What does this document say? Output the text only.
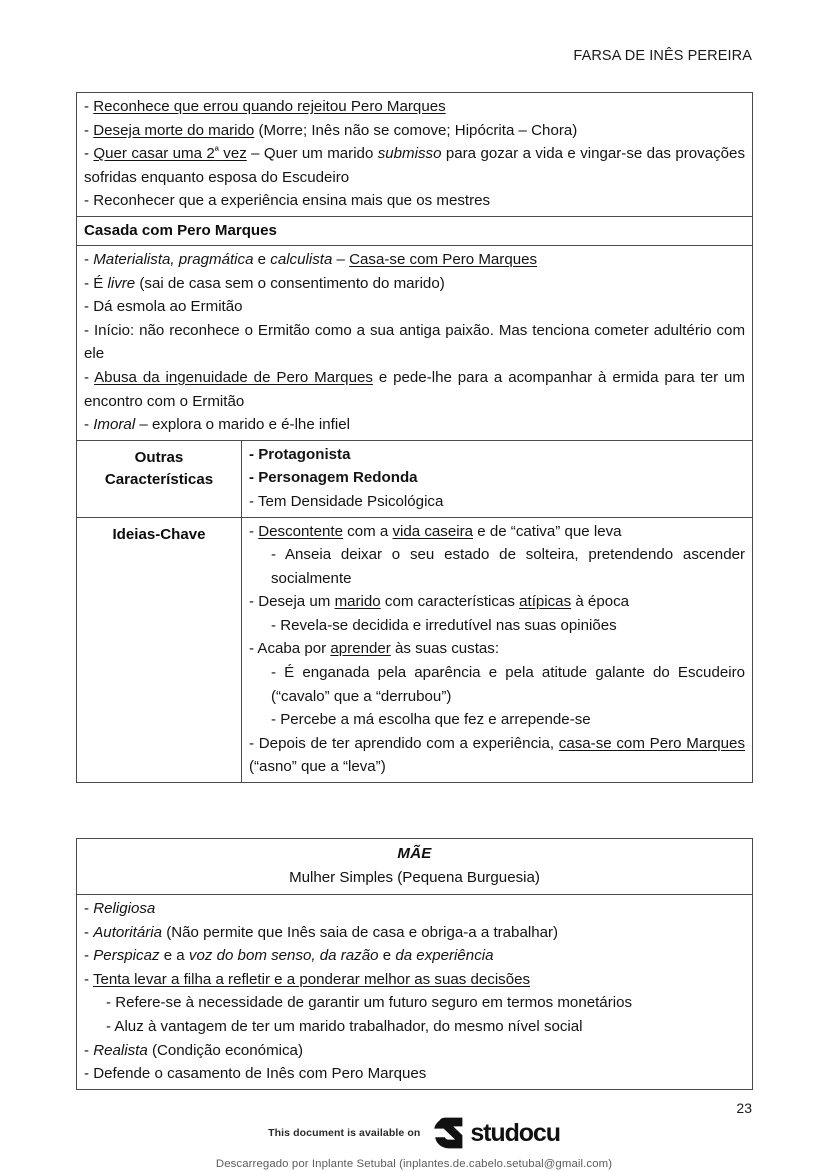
FARSA DE INÊS PEREIRA
- Reconhece que errou quando rejeitou Pero Marques
- Deseja morte do marido (Morre; Inês não se comove; Hipócrita – Chora)
- Quer casar uma $2^ª$ vez – Quer um marido submisso para gozar a vida e vingar-se das provações sofridas enquanto esposa do Escudeiro
- Reconhecer que a experiência ensina mais que os mestres	

Casada com Pero Marques	

- Materialista, pragmática e calculista – Casa-se com Pero Marques
- É livre (sai de casa sem o consentimento do marido)
- Dá esmola ao Ermitão
- Início: não reconhece o Ermitão como a sua antiga paixão. Mas tenciona cometer adultério com ele
- Abusa da ingenuidade de Pero Marques e pede-lhe para a acompanhar à ermida para ter um encontro com o Ermitão
- Imoral – explora o marido e é-lhe infiel

Outras
Características	- Protagonista
- Personagem Redonda
- Tem Densidade Psicológica

Ideias-Chave	- Descontente com a vida caseira e de “cativa” que leva
- Anseia deixar o seu estado de solteira, pretendendo ascender socialmente
- Deseja um marido com características atípicas à época
- Revela-se decidida e irredutível nas suas opiniões
- Acaba por aprender às suas custas:
- É enganada pela aparência e pela atitude galante do Escudeiro (“cavalo” que a “derrubou”)
- Percebe a má escolha que fez e arrepende-se
- Depois de ter aprendido com a experiência, casa-se com Pero Marques (“asno” que a “leva”)
MÃE
Mulher Simples (Pequena Burguesia)

- Religiosa
- Autoritária (Não permite que Inês saia de casa e obriga-a a trabalhar)
- Perspicaz e a voz do bom senso, da razão e da experiência
- Tenta levar a filha a refletir e a ponderar melhor as suas decisões
- Refere-se à necessidade de garantir um futuro seguro em termos monetários
- Aluz à vantagem de ter um marido trabalhador, do mesmo nível social
- Realista (Condição económica)
- Defende o casamento de Inês com Pero Marques
23
This document is available on studocu
Descarregado por Inplante Setubal (inplantes.de.cabelo.setubal@gmail.com)
